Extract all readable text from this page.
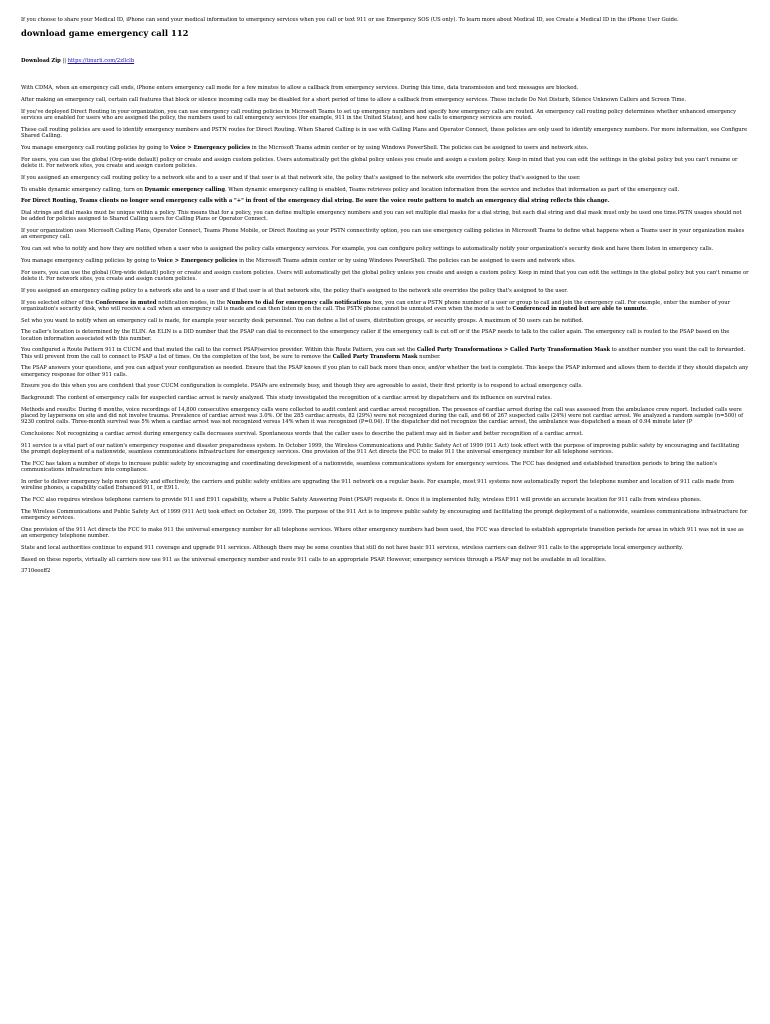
If you choose to share your Medical ID, iPhone can send your medical information to emergency services when you call or text 911 or use Emergency SOS (US only). To learn more about Medical ID, see Create a Medical ID in the iPhone User Guide.

download game emergency call 112

Download Zip || https://tinurli.com/2zllclb

With CDMA, when an emergency call ends, iPhone enters emergency call mode for a few minutes to allow a callback from emergency services. During this time, data transmission and text messages are blocked.

After making an emergency call, certain call features that block or silence incoming calls may be disabled for a short period of time to allow a callback from emergency services. These include Do Not Disturb, Silence Unknown Callers and Screen Time.

If you've deployed Direct Routing in your organization, you can use emergency call routing policies in Microsoft Teams to set up emergency numbers and specify how emergency calls are routed. An emergency call routing policy determines whether enhanced emergency services are enabled for users who are assigned the policy, the numbers used to call emergency services (for example, 911 in the United States), and how calls to emergency services are routed.

These call routing policies are used to identify emergency numbers and PSTN routes for Direct Routing. When Shared Calling is in use with Calling Plans and Operator Connect, these policies are only used to identify emergency numbers. For more information, see Configure Shared Calling.

You manage emergency call routing policies by going to Voice > Emergency policies in the Microsoft Teams admin center or by using Windows PowerShell. The policies can be assigned to users and network sites.

For users, you can use the global (Org-wide default) policy or create and assign custom policies. Users automatically get the global policy unless you create and assign a custom policy. Keep in mind that you can edit the settings in the global policy but you can't rename or delete it. For network sites, you create and assign custom policies.

If you assigned an emergency call routing policy to a network site and to a user and if that user is at that network site, the policy that's assigned to the network site overrides the policy that's assigned to the user.

To enable dynamic emergency calling, turn on Dynamic emergency calling. When dynamic emergency calling is enabled, Teams retrieves policy and location information from the service and includes that information as part of the emergency call.

For Direct Routing, Teams clients no longer send emergency calls with a "+" in front of the emergency dial string. Be sure the voice route pattern to match an emergency dial string reflects this change.

Dial strings and dial masks must be unique within a policy. This means that for a policy, you can define multiple emergency numbers and you can set multiple dial masks for a dial string, but each dial string and dial mask must only be used one time.PSTN usages should not be added for policies assigned to Shared Calling users for Calling Plans or Operator Connect.

If your organization uses Microsoft Calling Plans, Operator Connect, Teams Phone Mobile, or Direct Routing as your PSTN connectivity option, you can use emergency calling policies in Microsoft Teams to define what happens when a Teams user in your organization makes an emergency call.

You can set who to notify and how they are notified when a user who is assigned the policy calls emergency services. For example, you can configure policy settings to automatically notify your organization's security desk and have them listen in emergency calls.

You manage emergency calling policies by going to Voice > Emergency policies in the Microsoft Teams admin center or by using Windows PowerShell. The policies can be assigned to users and network sites.

For users, you can use the global (Org-wide default) policy or create and assign custom policies. Users will automatically get the global policy unless you create and assign a custom policy. Keep in mind that you can edit the settings in the global policy but you can't rename or delete it. For network sites, you create and assign custom policies.

If you assigned an emergency calling policy to a network site and to a user and if that user is at that network site, the policy that's assigned to the network site overrides the policy that's assigned to the user.

If you selected either of the Conference in muted notification modes, in the Numbers to dial for emergency calls notifications box, you can enter a PSTN phone number of a user or group to call and join the emergency call. For example, enter the number of your organization's security desk, who will receive a call when an emergency call is made and can then listen in on the call. The PSTN phone cannot be unmuted even when the mode is set to Conferenced in muted but are able to unmute.

Set who you want to notify when an emergency call is made, for example your security desk personnel. You can define a list of users, distribution groups, or security groups. A maximum of 50 users can be notified.

The caller's location is determined by the ELIN. An ELIN is a DID number that the PSAP can dial to reconnect to the emergency caller if the emergency call is cut off or if the PSAP needs to talk to the caller again. The emergency call is routed to the PSAP based on the location information associated with this number.

You configured a Route Pattern 911 in CUCM and that muted the call to the correct PSAP/service provider. Within this Route Pattern, you can set the Called Party Transformations > Called Party Transformation Mask to another number you want the call to forwarded. This will prevent from the call to connect to PSAP a list of times. On the completion of the test, be sure to remove the Called Party Transform Mask number.

The PSAP answers your questions, and you can adjust your configuration as needed. Ensure that the PSAP knows if you plan to call back more than once, and/or whether the test is complete. This keeps the PSAP informed and allows them to decide if they should dispatch any emergency response for other 911 calls.

Ensure you do this when you are confident that your CUCM configuration is complete. PSAPs are extremely busy, and though they are agreeable to assist, their first priority is to respond to actual emergency calls.

Background: The content of emergency calls for suspected cardiac arrest is rarely analyzed. This study investigated the recognition of a cardiac arrest by dispatchers and its influence on survival rates.

Methods and results: During 6 months, voice recordings of 14,800 consecutive emergency calls were collected to audit content and cardiac arrest recognition. The presence of cardiac arrest during the call was assessed from the ambulance crew report. Included calls were placed by laypersons on site and did not involve trauma. Prevalence of cardiac arrest was 3.0%. Of the 285 cardiac arrests, 82 (29%) were not recognized during the call, and 66 of 267 suspected calls (24%) were not cardiac arrest. We analyzed a random sample (n=500) of 9230 control calls. Three-month survival was 5% when a cardiac arrest was not recognized versus 14% when it was recognized (P=0.04). If the dispatcher did not recognize the cardiac arrest, the ambulance was dispatched a mean of 0.94 minute later (P

Conclusions: Not recognizing a cardiac arrest during emergency calls decreases survival. Spontaneous words that the caller uses to describe the patient may aid in faster and better recognition of a cardiac arrest.

911 service is a vital part of our nation's emergency response and disaster preparedness system. In October 1999, the Wireless Communications and Public Safety Act of 1999 (911 Act) took effect with the purpose of improving public safety by encouraging and facilitating the prompt deployment of a nationwide, seamless communications infrastructure for emergency services. One provision of the 911 Act directs the FCC to make 911 the universal emergency number for all telephone services.

The FCC has taken a number of steps to increase public safety by encouraging and coordinating development of a nationwide, seamless communications system for emergency services. The FCC has designed and established transition periods to bring the nation's communications infrastructure into compliance.

In order to deliver emergency help more quickly and effectively, the carriers and public safety entities are upgrading the 911 network on a regular basis. For example, most 911 systems now automatically report the telephone number and location of 911 calls made from wireline phones, a capability called Enhanced 911, or E911.

The FCC also requires wireless telephone carriers to provide 911 and E911 capability, where a Public Safety Answering Point (PSAP) requests it. Once it is implemented fully, wireless E911 will provide an accurate location for 911 calls from wireless phones.

The Wireless Communications and Public Safety Act of 1999 (911 Act) took effect on October 26, 1999. The purpose of the 911 Act is to improve public safety by encouraging and facilitating the prompt deployment of a nationwide, seamless communications infrastructure for emergency services.

One provision of the 911 Act directs the FCC to make 911 the universal emergency number for all telephone services. Where other emergency numbers had been used, the FCC was directed to establish appropriate transition periods for areas in which 911 was not in use as an emergency telephone number.

State and local authorities continue to expand 911 coverage and upgrade 911 services. Although there may be some counties that still do not have basic 911 services, wireless carriers can deliver 911 calls to the appropriate local emergency authority.

Based on these reports, virtually all carriers now use 911 as the universal emergency number and route 911 calls to an appropriate PSAP. However, emergency services through a PSAP may not be available in all localities.

3710eeeff2
